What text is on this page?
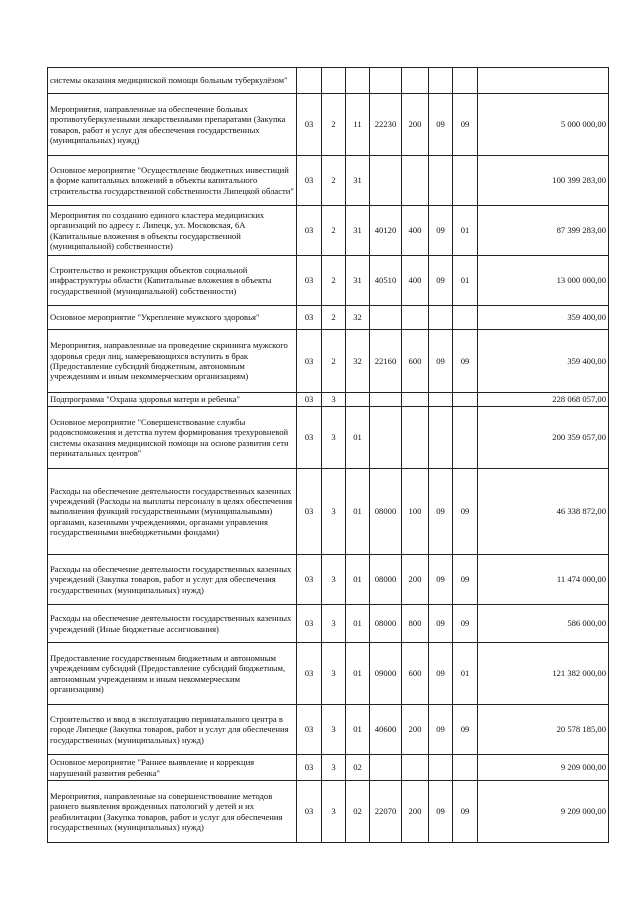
системы оказания медицинской помощи больным туберкулёзом"								
Мероприятия, направленные на обеспечение больных противотуберкулезными лекарственными препаратами (Закупка товаров, работ и услуг для обеспечения государственных (муниципальных) нужд)	03	2	11	22230	200	09	09	5 000 000,00
Основное мероприятие "Осуществление бюджетных инвестиций в форме капитальных вложений в объекты капитального строительства государственной собственности Липецкой области"	03	2	31					100 399 283,00
Мероприятия по созданию единого кластера медицинских организаций по адресу г. Липецк, ул. Московская, 6А (Капитальные вложения в объекты государственной (муниципальной) собственности)	03	2	31	40120	400	09	01	87 399 283,00
Строительство и реконструкция объектов социальной инфраструктуры области (Капитальные вложения в объекты государственной (муниципальной) собственности)	03	2	31	40510	400	09	01	13 000 000,00
Основное мероприятие "Укрепление мужского здоровья"	03	2	32					359 400,00
Мероприятия, направленные на проведение скрининга мужского здоровья среди лиц, намеревающихся вступить в брак (Предоставление субсидий бюджетным, автономным учреждениям и иным некоммерческим организациям)	03	2	32	22160	600	09	09	359 400,00
Подпрограмма "Охрана здоровья матери и ребенка"	03	3						228 068 057,00
Основное мероприятие "Совершенствование службы родовспоможения и детства путем формирования трехуровневой системы оказания медицинской помощи на основе развития сети перинатальных центров"	03	3	01					200 359 057,00
Расходы на обеспечение деятельности государственных казенных учреждений (Расходы на выплаты персоналу в целях обеспечения выполнения функций государственными (муниципальными) органами, казенными учреждениями, органами управления государственными внебюджетными фондами)	03	3	01	08000	100	09	09	46 338 872,00
Расходы на обеспечение деятельности государственных казенных учреждений (Закупка товаров, работ и услуг для обеспечения государственных (муниципальных) нужд)	03	3	01	08000	200	09	09	11 474 000,00
Расходы на обеспечение деятельности государственных казенных учреждений (Иные бюджетные ассигнования)	03	3	01	08000	800	09	09	586 000,00
Предоставление государственным бюджетным и автономным учреждениям субсидий (Предоставление субсидий бюджетным, автономным учреждениям и иным некоммерческим организациям)	03	3	01	09000	600	09	01	121 382 000,00
Строительство и ввод в эксплуатацию перинатального центра в городе Липецке (Закупка товаров, работ и услуг для обеспечения государственных (муниципальных) нужд)	03	3	01	40600	200	09	09	20 578 185,00
Основное мероприятие "Раннее выявление и коррекция нарушений развития ребенка"	03	3	02					9 209 000,00
Мероприятия, направленные на совершенствование методов раннего выявления врожденных патологий у детей и их реабилитации (Закупка товаров, работ и услуг для обеспечения государственных (муниципальных) нужд)	03	3	02	22070	200	09	09	9 209 000,00
